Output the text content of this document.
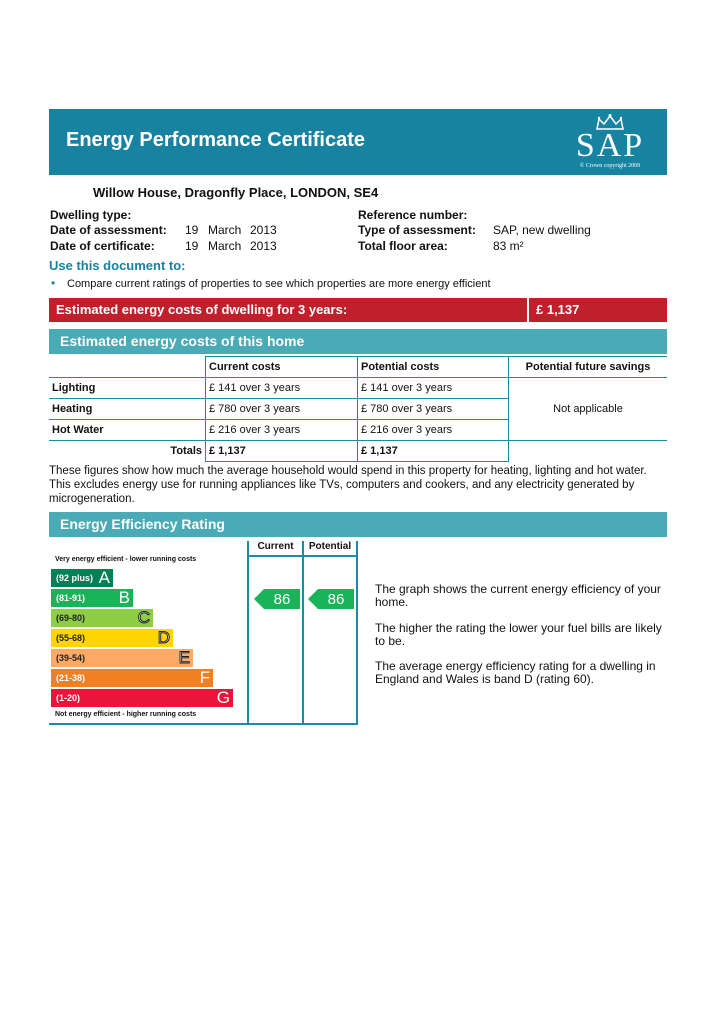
Energy Performance Certificate	SAP
© Crown copyright 2009
Willow House, Dragonfly Place, LONDON, SE4
Dwelling type:
Date of assessment: 19 March 2013
Date of certificate:	19 March 2013
Reference number:
Type of assessment: SAP, new dwelling
Total floor area:	83 m²
Use this document to:
• Compare current ratings of properties to see which properties are more energy efficient
Estimated energy costs of dwelling for 3 years:	£ 1,137
Estimated energy costs of this home
	Current costs	Potential costs	Potential future savings
Lighting	£ 141 over 3 years	£ 141 over 3 years	Not applicable
Heating	£ 780 over 3 years	£ 780 over 3 years	
Hot Water	£ 216 over 3 years	£ 216 over 3 years	
Totals	£ 1,137	£ 1,137	
These figures show how much the average household would spend in this property for heating, lighting and hot water. This excludes energy use for running appliances like TVs, computers and cookers, and any electricity generated by microgeneration.
Energy Efficiency Rating
Current	Potential
Very energy efficient - lower running costs
(92 plus) A
(81-91) B
(69-80)	C
(55-68)	D
(39-54)	E
(21-38)	F
(1-20)	G
Not energy efficient - higher running costs
86 86
The graph shows the current energy efficiency of your home.
The higher the rating the lower your fuel bills are likely to be.
The average energy efficiency rating for a dwelling in England and Wales is band D (rating 60).
